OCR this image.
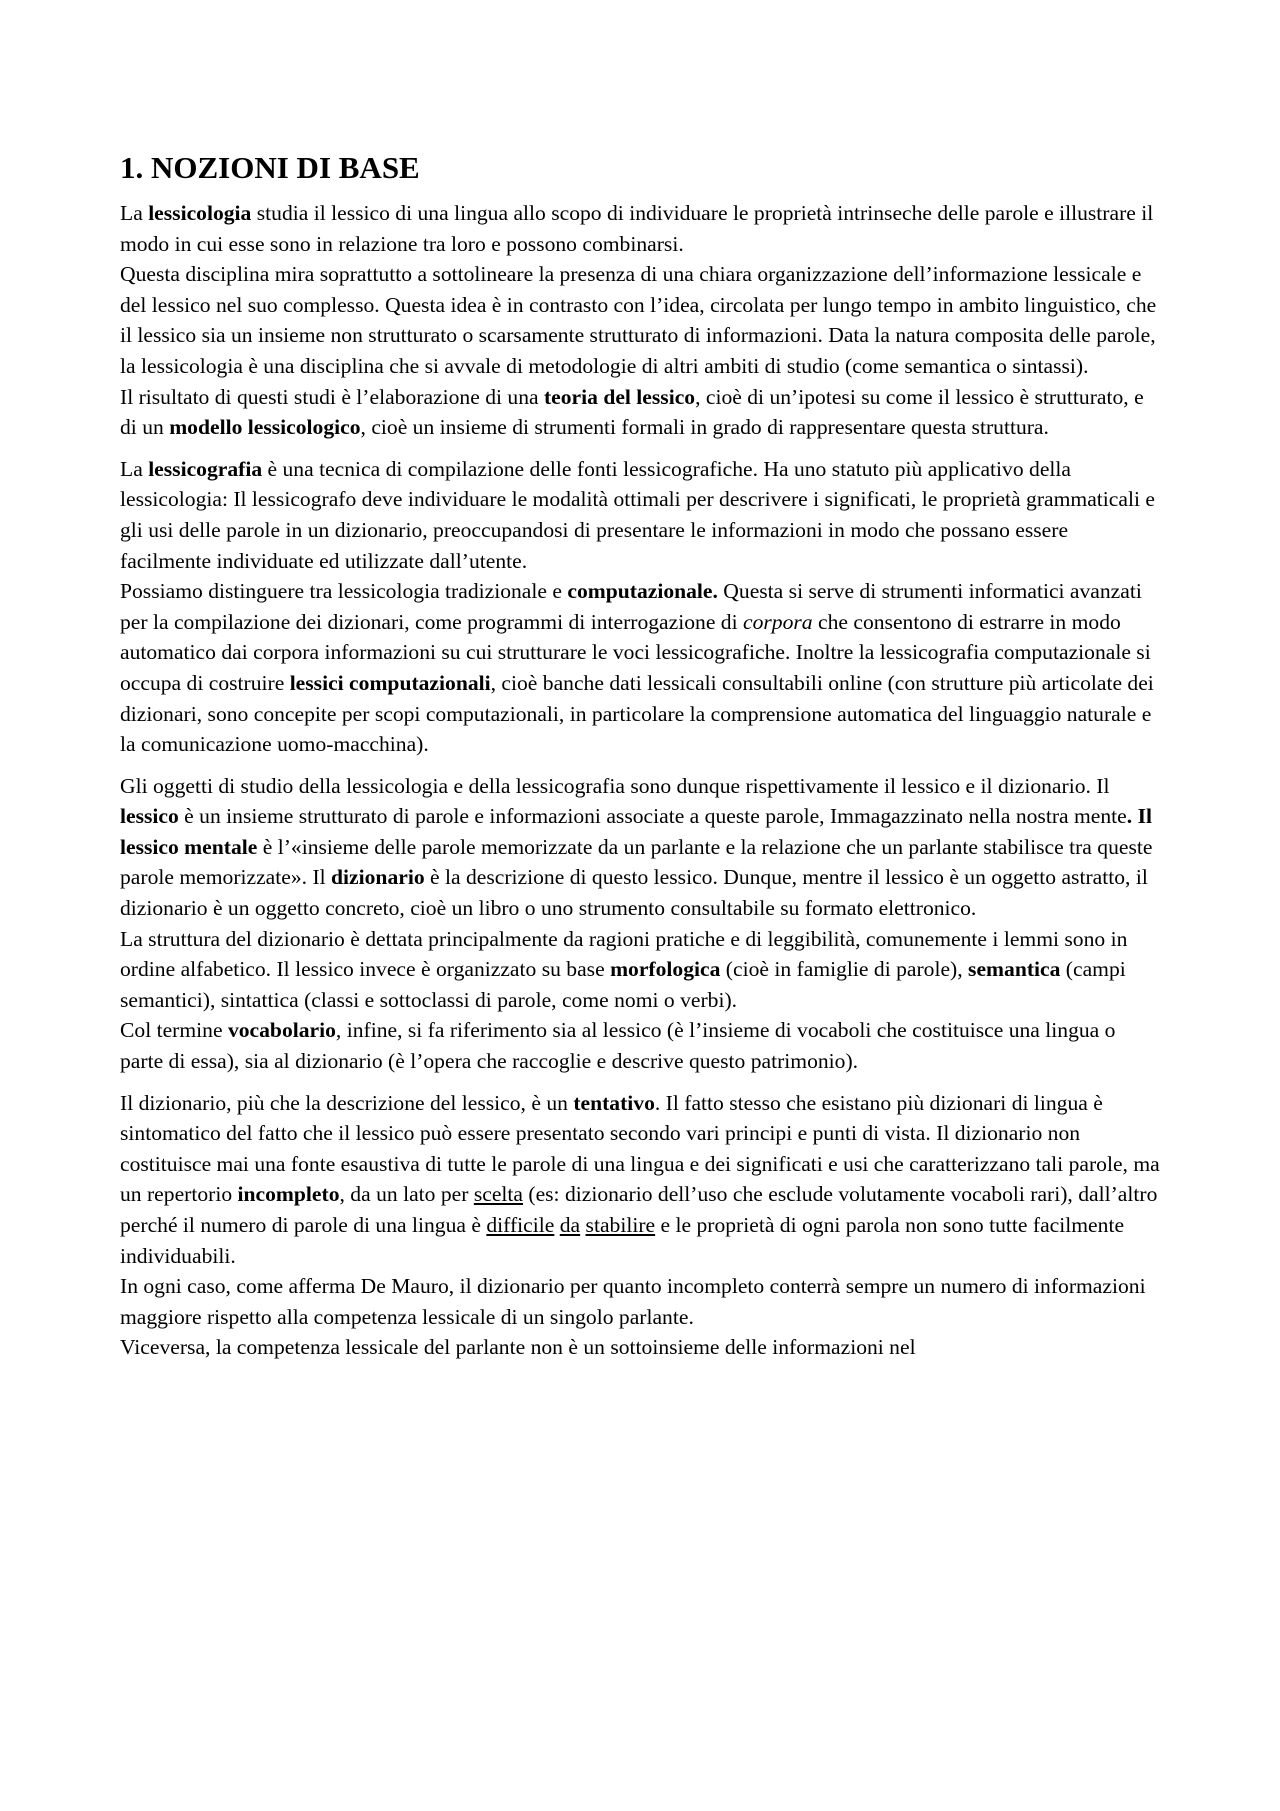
1. NOZIONI DI BASE

La lessicologia studia il lessico di una lingua allo scopo di individuare le proprietà intrinseche delle parole e illustrare il modo in cui esse sono in relazione tra loro e possono combinarsi.

Questa disciplina mira soprattutto a sottolineare la presenza di una chiara organizzazione dell’informazione lessicale e del lessico nel suo complesso. Questa idea è in contrasto con l’idea, circolata per lungo tempo in ambito linguistico, che il lessico sia un insieme non strutturato o scarsamente strutturato di informazioni. Data la natura composita delle parole, la lessicologia è una disciplina che si avvale di metodologie di altri ambiti di studio (come semantica o sintassi).

Il risultato di questi studi è l’elaborazione di una teoria del lessico, cioè di un’ipotesi su come il lessico è strutturato, e di un modello lessicologico, cioè un insieme di strumenti formali in grado di rappresentare questa struttura.

La lessicografia è una tecnica di compilazione delle fonti lessicografiche. Ha uno statuto più applicativo della lessicologia: Il lessicografo deve individuare le modalità ottimali per descrivere i significati, le proprietà grammaticali e gli usi delle parole in un dizionario, preoccupandosi di presentare le informazioni in modo che possano essere facilmente individuate ed utilizzate dall’utente.

Possiamo distinguere tra lessicologia tradizionale e computazionale. Questa si serve di strumenti informatici avanzati per la compilazione dei dizionari, come programmi di interrogazione di corpora che consentono di estrarre in modo automatico dai corpora informazioni su cui strutturare le voci lessicografiche. Inoltre la lessicografia computazionale si occupa di costruire lessici computazionali, cioè banche dati lessicali consultabili online (con strutture più articolate dei dizionari, sono concepite per scopi computazionali, in particolare la comprensione automatica del linguaggio naturale e la comunicazione uomo-macchina).

Gli oggetti di studio della lessicologia e della lessicografia sono dunque rispettivamente il lessico e il dizionario. Il lessico è un insieme strutturato di parole e informazioni associate a queste parole, Immagazzinato nella nostra mente. Il lessico mentale è l’«insieme delle parole memorizzate da un parlante e la relazione che un parlante stabilisce tra queste parole memorizzate». Il dizionario è la descrizione di questo lessico. Dunque, mentre il lessico è un oggetto astratto, il dizionario è un oggetto concreto, cioè un libro o uno strumento consultabile su formato elettronico.

La struttura del dizionario è dettata principalmente da ragioni pratiche e di leggibilità, comunemente i lemmi sono in ordine alfabetico. Il lessico invece è organizzato su base morfologica (cioè in famiglie di parole), semantica (campi semantici), sintattica (classi e sottoclassi di parole, come nomi o verbi).

Col termine vocabolario, infine, si fa riferimento sia al lessico (è l’insieme di vocaboli che costituisce una lingua o parte di essa), sia al dizionario (è l’opera che raccoglie e descrive questo patrimonio).

Il dizionario, più che la descrizione del lessico, è un tentativo. Il fatto stesso che esistano più dizionari di lingua è sintomatico del fatto che il lessico può essere presentato secondo vari principi e punti di vista. Il dizionario non costituisce mai una fonte esaustiva di tutte le parole di una lingua e dei significati e usi che caratterizzano tali parole, ma un repertorio incompleto, da un lato per scelta (es: dizionario dell’uso che esclude volutamente vocaboli rari), dall’altro perché il numero di parole di una lingua è difficile da stabilire e le proprietà di ogni parola non sono tutte facilmente individuabili.

In ogni caso, come afferma De Mauro, il dizionario per quanto incompleto conterrà sempre un numero di informazioni maggiore rispetto alla competenza lessicale di un singolo parlante.

Viceversa, la competenza lessicale del parlante non è un sottoinsieme delle informazioni nel
